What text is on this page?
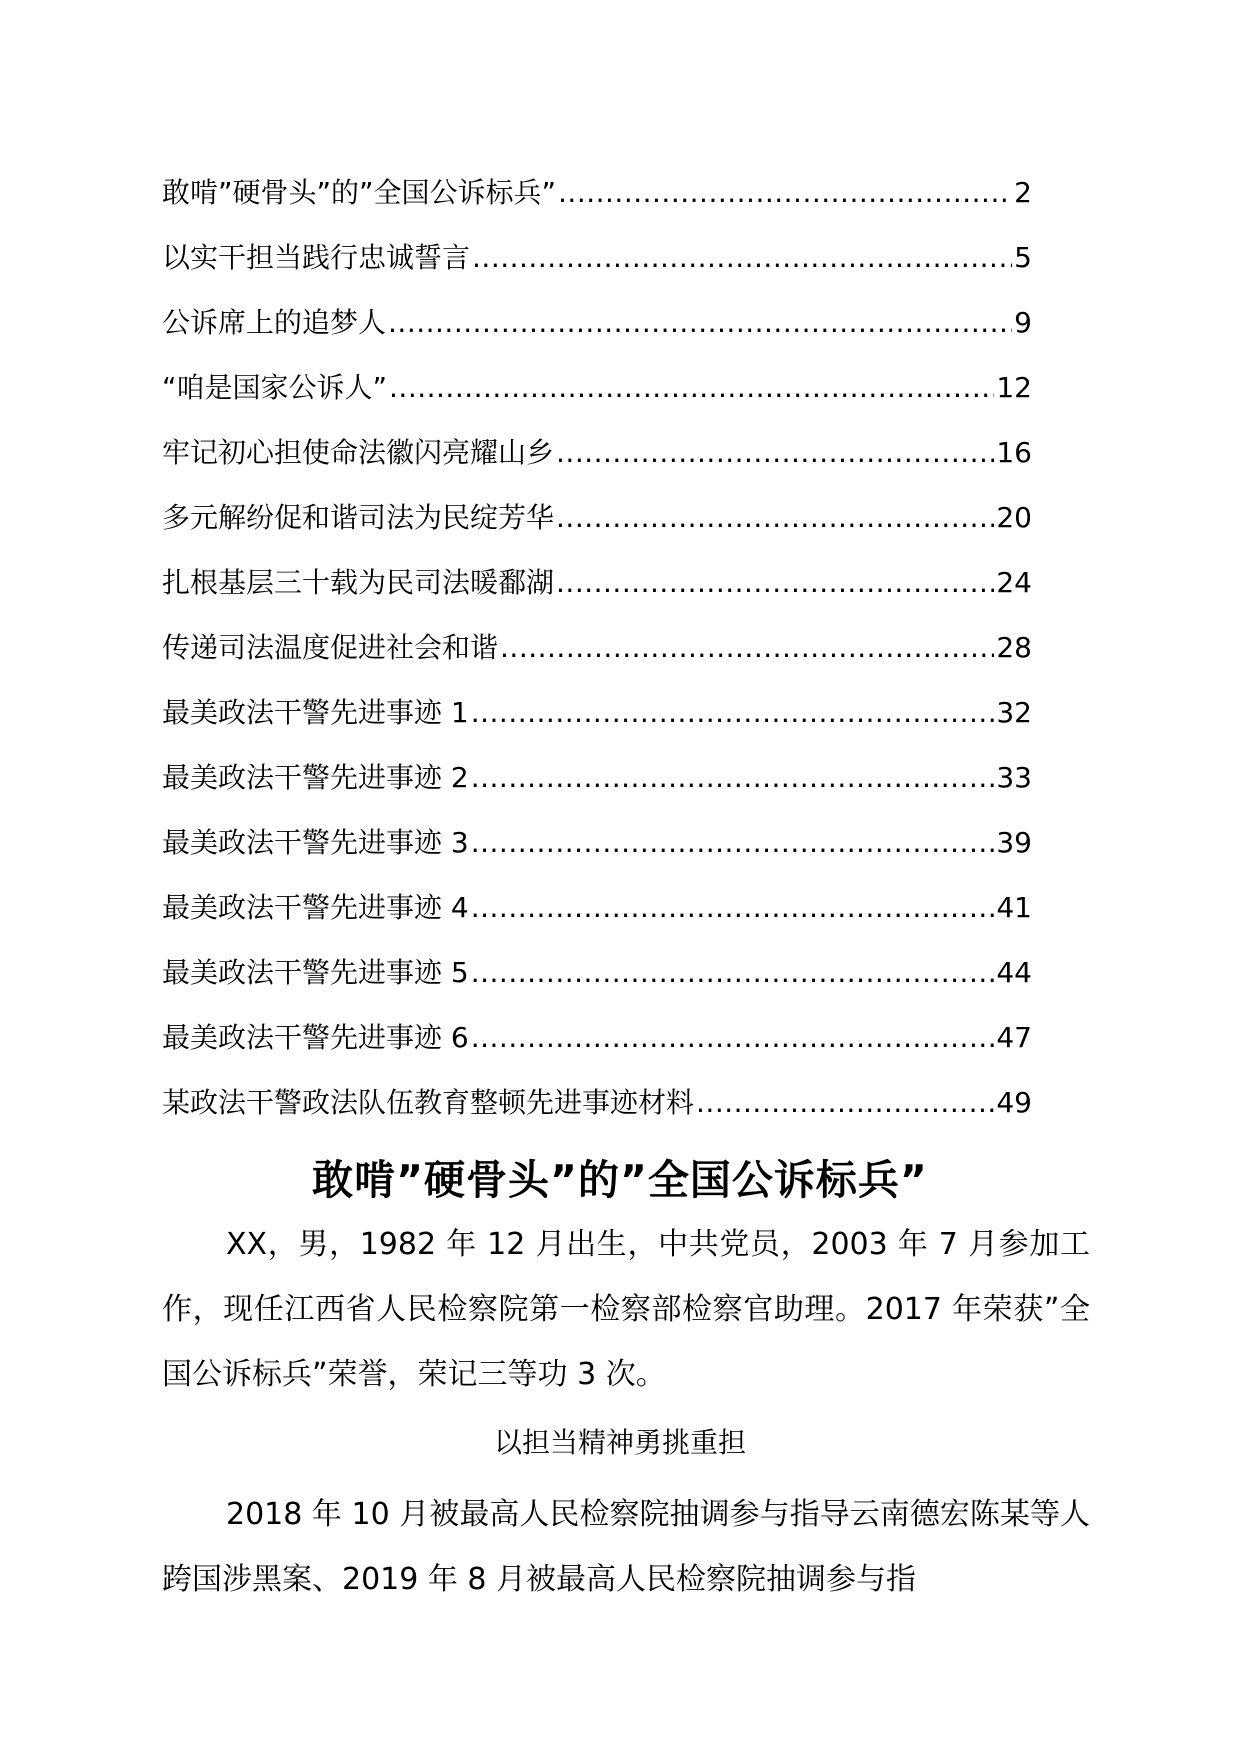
敢啃”硬骨头”的”全国公诉标兵” .....	2
以实干担当践行忠诚誓言 .....	5
公诉席上的追梦人 .....	9
“咱是国家公诉人” .....	12
牢记初心担使命法徽闪亮耀山乡 .....	16
多元解纷促和谐司法为民绽芳华 .....	20
扎根基层三十载为民司法暖鄱湖 .....	24
传递司法温度促进社会和谐 .....	28
最美政法干警先进事迹 1 .....	32
最美政法干警先进事迹 2 .....	33
最美政法干警先进事迹 3 .....	39
最美政法干警先进事迹 4 .....	41
最美政法干警先进事迹 5 .....	44
最美政法干警先进事迹 6 .....	47
某政法干警政法队伍教育整顿先进事迹材料 .....	49
敢啃”硬骨头”的”全国公诉标兵”
XX，男，1982 年 12 月出生，中共党员，2003 年 7 月参加工作，现任江西省人民检察院第一检察部检察官助理。2017 年荣获”全国公诉标兵”荣誉，荣记三等功 3 次。
以担当精神勇挑重担
2018 年 10 月被最高人民检察院抽调参与指导云南德宏陈某等人跨国涉黑案、2019 年 8 月被最高人民检察院抽调参与指
